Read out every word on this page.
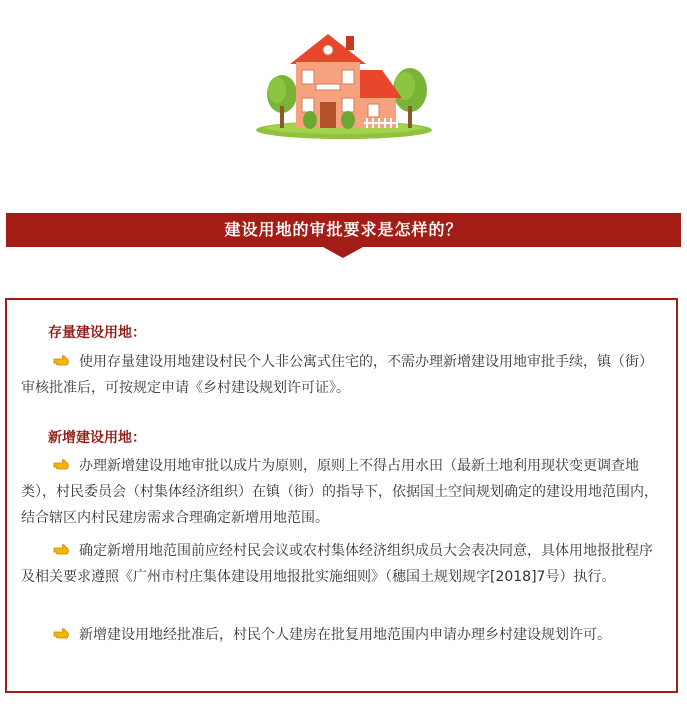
建设用地的审批要求是怎样的？
存量建设用地：
使用存量建设用地建设村民个人非公寓式住宅的，不需办理新增建设用地审批手续，镇（街）审核批准后，可按规定申请《乡村建设规划许可证》。
新增建设用地：
办理新增建设用地审批以成片为原则，原则上不得占用水田（最新土地利用现状变更调查地类），村民委员会（村集体经济组织）在镇（街）的指导下，依据国土空间规划确定的建设用地范围内，结合辖区内村民建房需求合理确定新增用地范围。
确定新增用地范围前应经村民会议或农村集体经济组织成员大会表决同意，具体用地报批程序及相关要求遵照《广州市村庄集体建设用地报批实施细则》（穗国土规划规字[2018]7号）执行。
新增建设用地经批准后，村民个人建房在批复用地范围内申请办理乡村建设规划许可。
